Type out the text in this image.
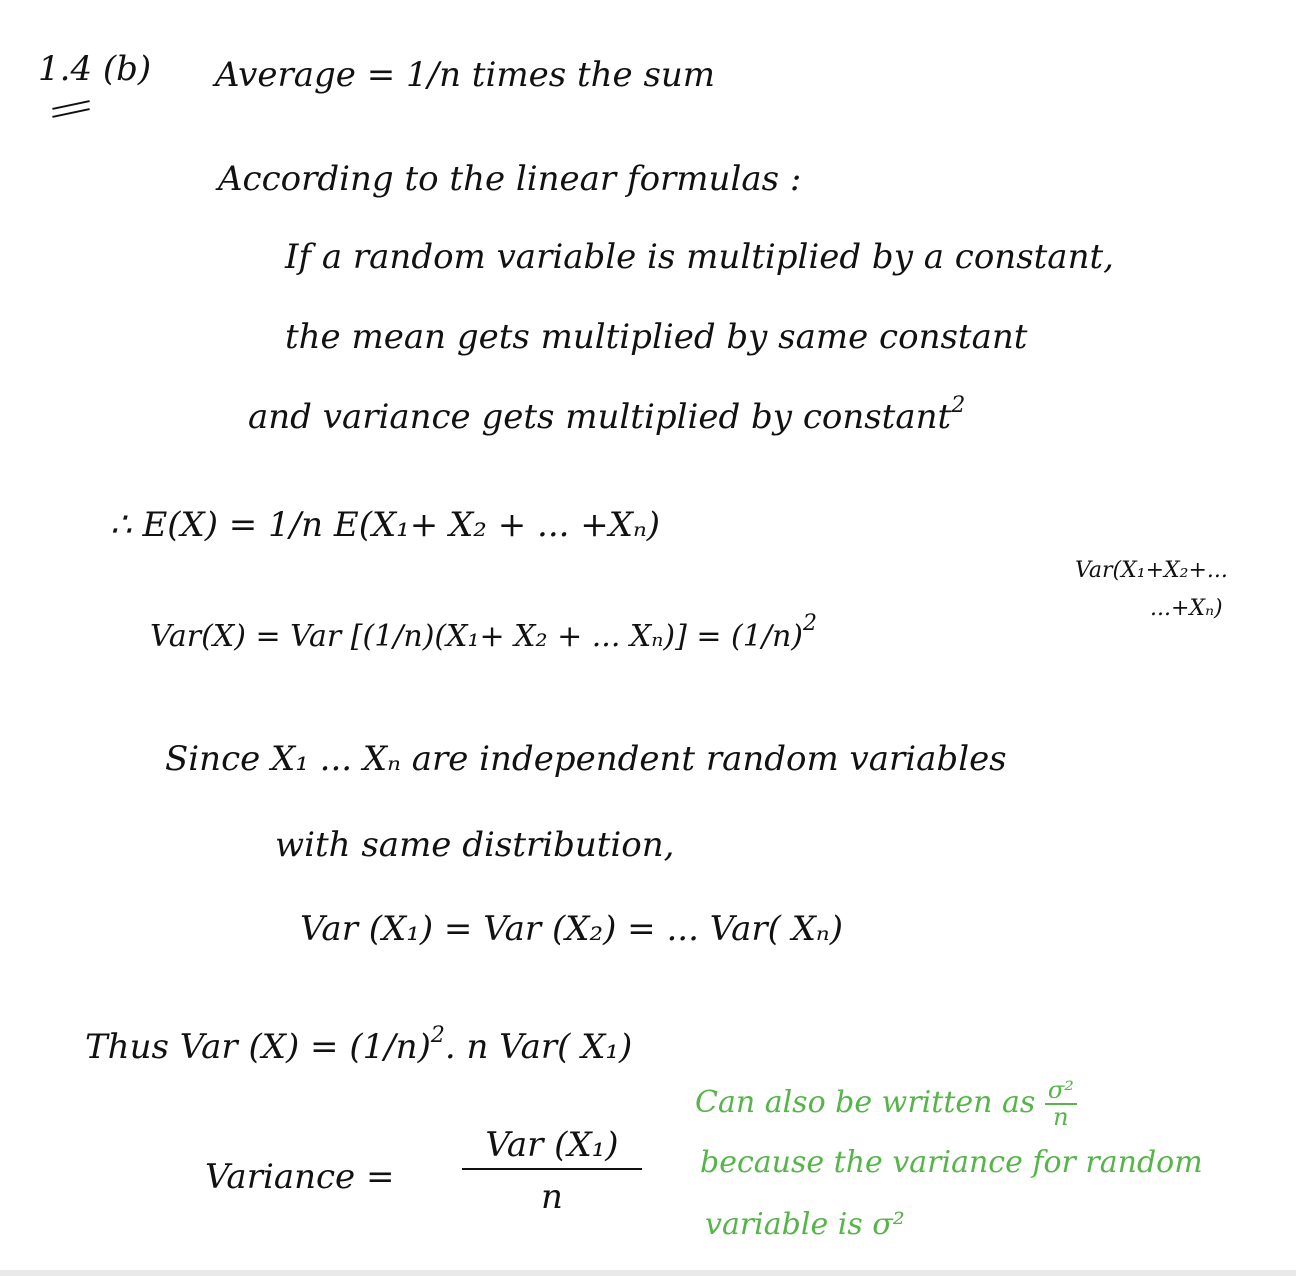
1.4 (b) Average = 1/n times the sum
According to the linear formulas :
If a random variable is multiplied by a constant,
the mean gets multiplied by same constant
and variance gets multiplied by constant$^2$
∴ E(X) = 1/n E(X₁+ X₂ + ... +Xₙ)
Var(X) = Var [(1/n)(X₁+ X₂ + ... $X_n)] = (1/n)^2$
Var(X₁+X₂+...
...+Xₙ)
Since X₁ ... Xₙ are independent random variables
with same distribution,
Var (X₁) = Var (X₂) = ... Var( Xₙ)
Thus Var $(X) = (1/n)^2$. n Var( X₁)
Variance =
Var (X₁)
n
Can also be written as $\frac{\text{σ²}}{n}$
because the variance for random
variable is σ²
